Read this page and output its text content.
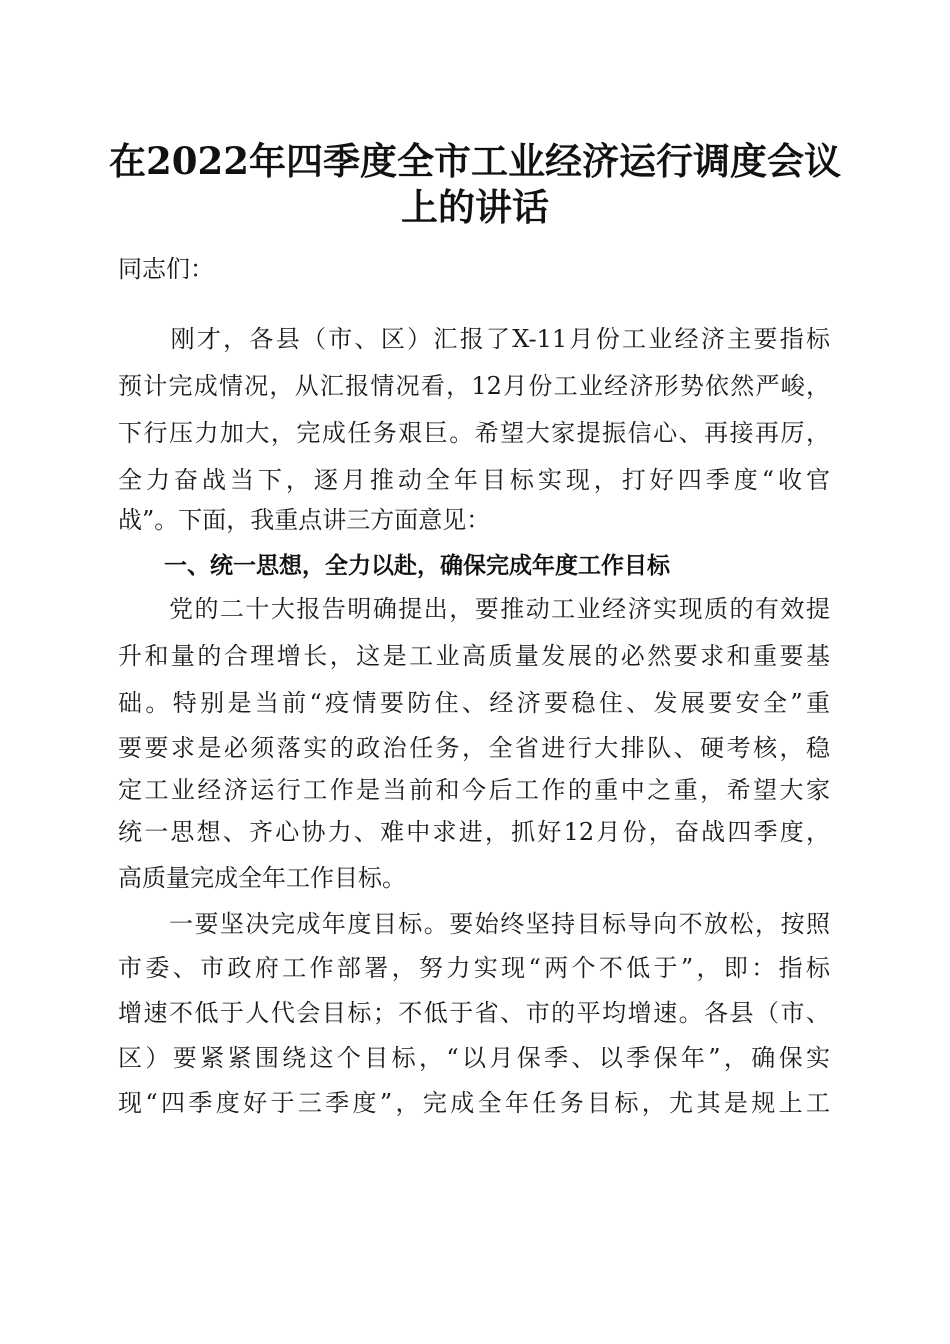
在2022年四季度全市工业经济运行调度会议
上的讲话
同志们：
　　刚才，各县（市、区）汇报了X-11月份工业经济主要指标
预计完成情况，从汇报情况看，12月份工业经济形势依然严峻，
下行压力加大，完成任务艰巨。希望大家提振信心、再接再厉，
全力奋战当下，逐月推动全年目标实现，打好四季度“收官
战”。下面，我重点讲三方面意见：
　　一、统一思想，全力以赴，确保完成年度工作目标
　　党的二十大报告明确提出，要推动工业经济实现质的有效提
升和量的合理增长，这是工业高质量发展的必然要求和重要基
础。特别是当前“疫情要防住、经济要稳住、发展要安全”重
要要求是必须落实的政治任务，全省进行大排队、硬考核，稳
定工业经济运行工作是当前和今后工作的重中之重，希望大家
统一思想、齐心协力、难中求进，抓好12月份，奋战四季度，
高质量完成全年工作目标。
　　一要坚决完成年度目标。要始终坚持目标导向不放松，按照
市委、市政府工作部署，努力实现“两个不低于”，即：指标
增速不低于人代会目标；不低于省、市的平均增速。各县（市、
区）要紧紧围绕这个目标，“以月保季、以季保年”，确保实
现“四季度好于三季度”，完成全年任务目标，尤其是规上工
